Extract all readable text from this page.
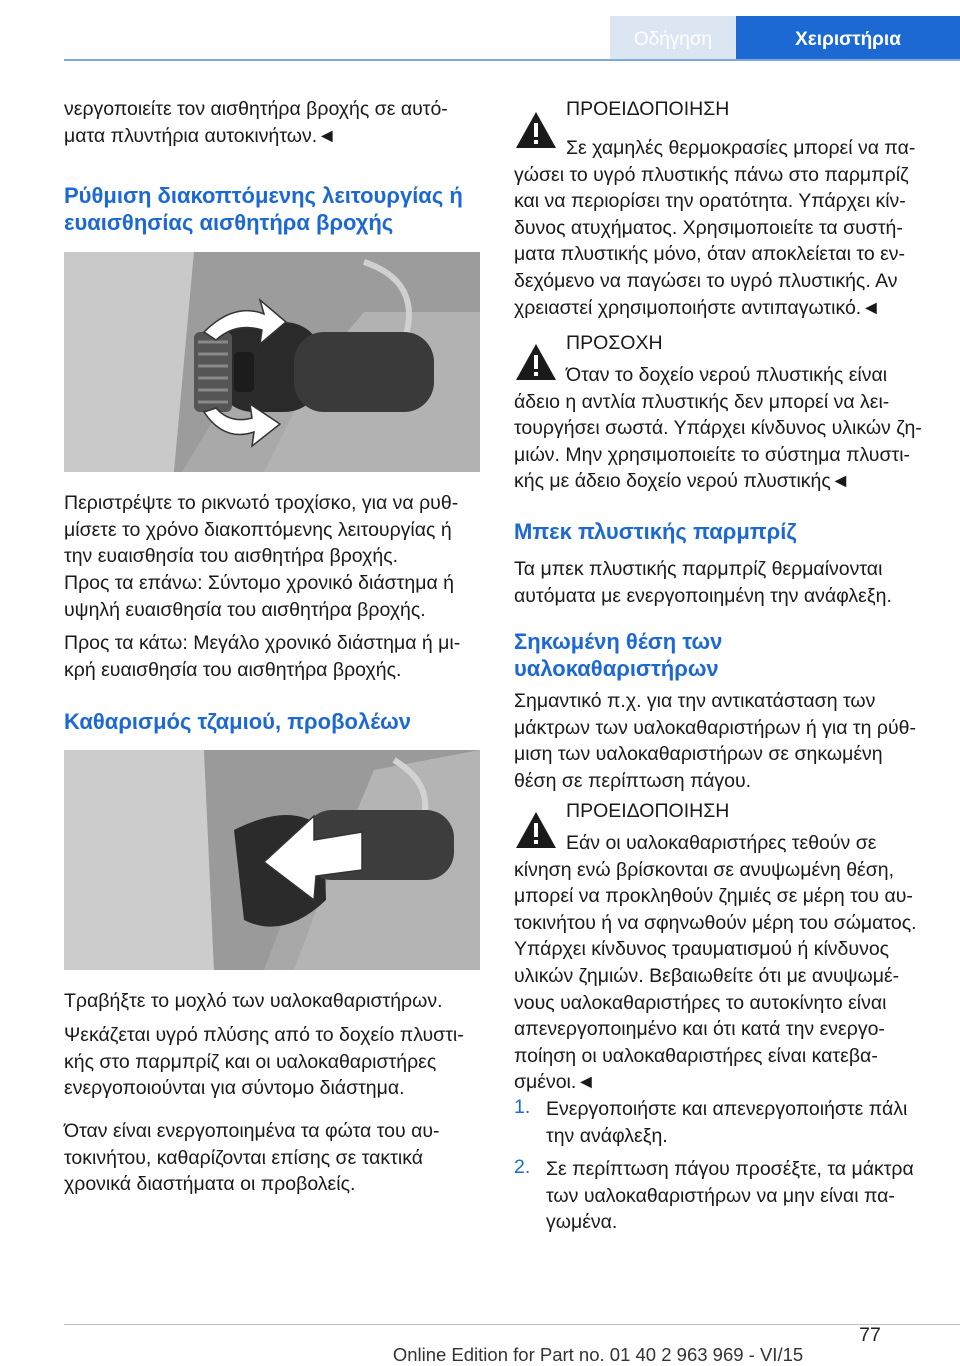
Οδήγηση	Χειριστήρια
νεργοποιείτε τον αισθητήρα βροχής σε αυτό-
ματα πλυντήρια αυτοκινήτων.◄
Ρύθμιση διακοπτόμενης λειτουργίας ή
ευαισθησίας αισθητήρα βροχής
Περιστρέψτε το ρικνωτό τροχίσκο, για να ρυθ-
μίσετε το χρόνο διακοπτόμενης λειτουργίας ή
την ευαισθησία του αισθητήρα βροχής.
Προς τα επάνω: Σύντομο χρονικό διάστημα ή
υψηλή ευαισθησία του αισθητήρα βροχής.
Προς τα κάτω: Μεγάλο χρονικό διάστημα ή μι-
κρή ευαισθησία του αισθητήρα βροχής.
Καθαρισμός τζαμιού, προβολέων
Τραβήξτε το μοχλό των υαλοκαθαριστήρων.
Ψεκάζεται υγρό πλύσης από το δοχείο πλυστι-
κής στο παρμπρίζ και οι υαλοκαθαριστήρες
ενεργοποιούνται για σύντομο διάστημα.
Όταν είναι ενεργοποιημένα τα φώτα του αυ-
τοκινήτου, καθαρίζονται επίσης σε τακτικά
χρονικά διαστήματα οι προβολείς.
ΠΡΟΕΙΔΟΠΟΙΗΣΗ
Σε χαμηλές θερμοκρασίες μπορεί να πα-
γώσει το υγρό πλυστικής πάνω στο παρμπρίζ
και να περιορίσει την ορατότητα. Υπάρχει κίν-
δυνος ατυχήματος. Χρησιμοποιείτε τα συστή-
ματα πλυστικής μόνο, όταν αποκλείεται το εν-
δεχόμενο να παγώσει το υγρό πλυστικής. Αν
χρειαστεί χρησιμοποιήστε αντιπαγωτικό.◄
ΠΡΟΣΟΧΗ
Όταν το δοχείο νερού πλυστικής είναι
άδειο η αντλία πλυστικής δεν μπορεί να λει-
τουργήσει σωστά. Υπάρχει κίνδυνος υλικών ζη-
μιών. Μην χρησιμοποιείτε το σύστημα πλυστι-
κής με άδειο δοχείο νερού πλυστικής◄
Μπεκ πλυστικής παρμπρίζ
Τα μπεκ πλυστικής παρμπρίζ θερμαίνονται
αυτόματα με ενεργοποιημένη την ανάφλεξη.
Σηκωμένη θέση των
υαλοκαθαριστήρων
Σημαντικό π.χ. για την αντικατάσταση των
μάκτρων των υαλοκαθαριστήρων ή για τη ρύθ-
μιση των υαλοκαθαριστήρων σε σηκωμένη
θέση σε περίπτωση πάγου.
ΠΡΟΕΙΔΟΠΟΙΗΣΗ
Εάν οι υαλοκαθαριστήρες τεθούν σε
κίνηση ενώ βρίσκονται σε ανυψωμένη θέση,
μπορεί να προκληθούν ζημιές σε μέρη του αυ-
τοκινήτου ή να σφηνωθούν μέρη του σώματος.
Υπάρχει κίνδυνος τραυματισμού ή κίνδυνος
υλικών ζημιών. Βεβαιωθείτε ότι με ανυψωμέ-
νους υαλοκαθαριστήρες το αυτοκίνητο είναι
απενεργοποιημένο και ότι κατά την ενεργο-
ποίηση οι υαλοκαθαριστήρες είναι κατεβα-
σμένοι.◄
1. Ενεργοποιήστε και απενεργοποιήστε πάλι
την ανάφλεξη.
2. Σε περίπτωση πάγου προσέξτε, τα μάκτρα
των υαλοκαθαριστήρων να μην είναι πα-
γωμένα.
77
Online Edition for Part no. 01 40 2 963 969 - VI/15
